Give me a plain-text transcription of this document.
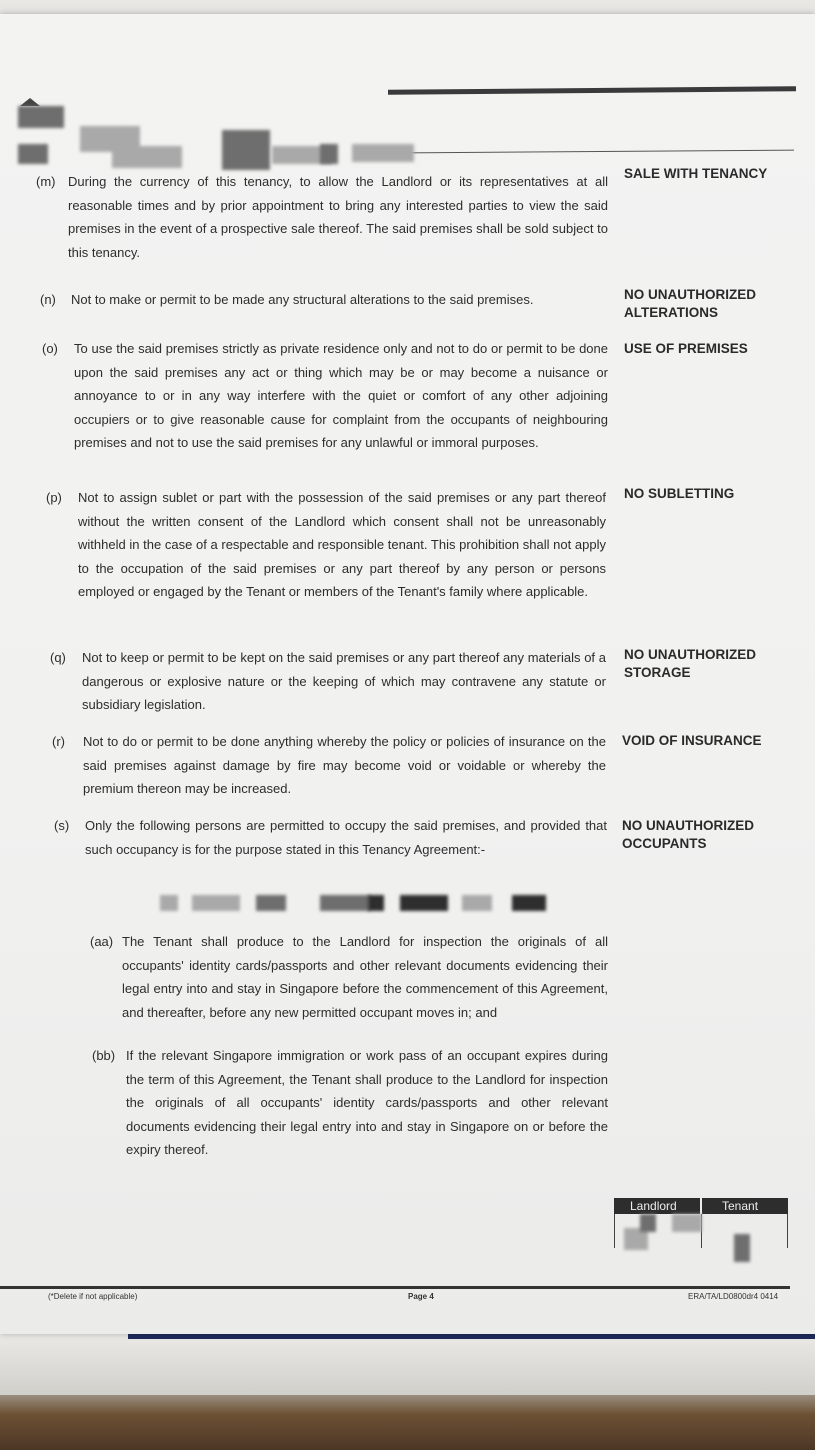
(m) During the currency of this tenancy, to allow the Landlord or its representatives at all reasonable times and by prior appointment to bring any interested parties to view the said premises in the event of a prospective sale thereof. The said premises shall be sold subject to this tenancy.
SALE WITH TENANCY
(n) Not to make or permit to be made any structural alterations to the said premises.	NO UNAUTHORIZED ALTERATIONS
(o) To use the said premises strictly as private residence only and not to do or permit to be done upon the said premises any act or thing which may be or may become a nuisance or annoyance to or in any way interfere with the quiet or comfort of any other adjoining occupiers or to give reasonable cause for complaint from the occupants of neighbouring premises and not to use the said premises for any unlawful or immoral purposes.
USE OF PREMISES
(p) Not to assign sublet or part with the possession of the said premises or any part thereof without the written consent of the Landlord which consent shall not be unreasonably withheld in the case of a respectable and responsible tenant. This prohibition shall not apply to the occupation of the said premises or any part thereof by any person or persons employed or engaged by the Tenant or members of the Tenant's family where applicable.
NO SUBLETTING
(q) Not to keep or permit to be kept on the said premises or any part thereof any materials of a dangerous or explosive nature or the keeping of which may contravene any statute or subsidiary legislation.
NO UNAUTHORIZED STORAGE
(r) Not to do or permit to be done anything whereby the policy or policies of insurance on the said premises against damage by fire may become void or voidable or whereby the premium thereon may be increased.
VOID OF INSURANCE
(s) Only the following persons are permitted to occupy the said premises, and provided that such occupancy is for the purpose stated in this Tenancy Agreement:-
NO UNAUTHORIZED OCCUPANTS
(aa) The Tenant shall produce to the Landlord for inspection the originals of all occupants' identity cards/passports and other relevant documents evidencing their legal entry into and stay in Singapore before the commencement of this Agreement, and thereafter, before any new permitted occupant moves in; and
(bb) If the relevant Singapore immigration or work pass of an occupant expires during the term of this Agreement, the Tenant shall produce to the Landlord for inspection the originals of all occupants' identity cards/passports and other relevant documents evidencing their legal entry into and stay in Singapore on or before the expiry thereof.
Landlord	Tenant
(*Delete if not applicable)	Page 4	ERA/TA/LD0800dr4 0414
